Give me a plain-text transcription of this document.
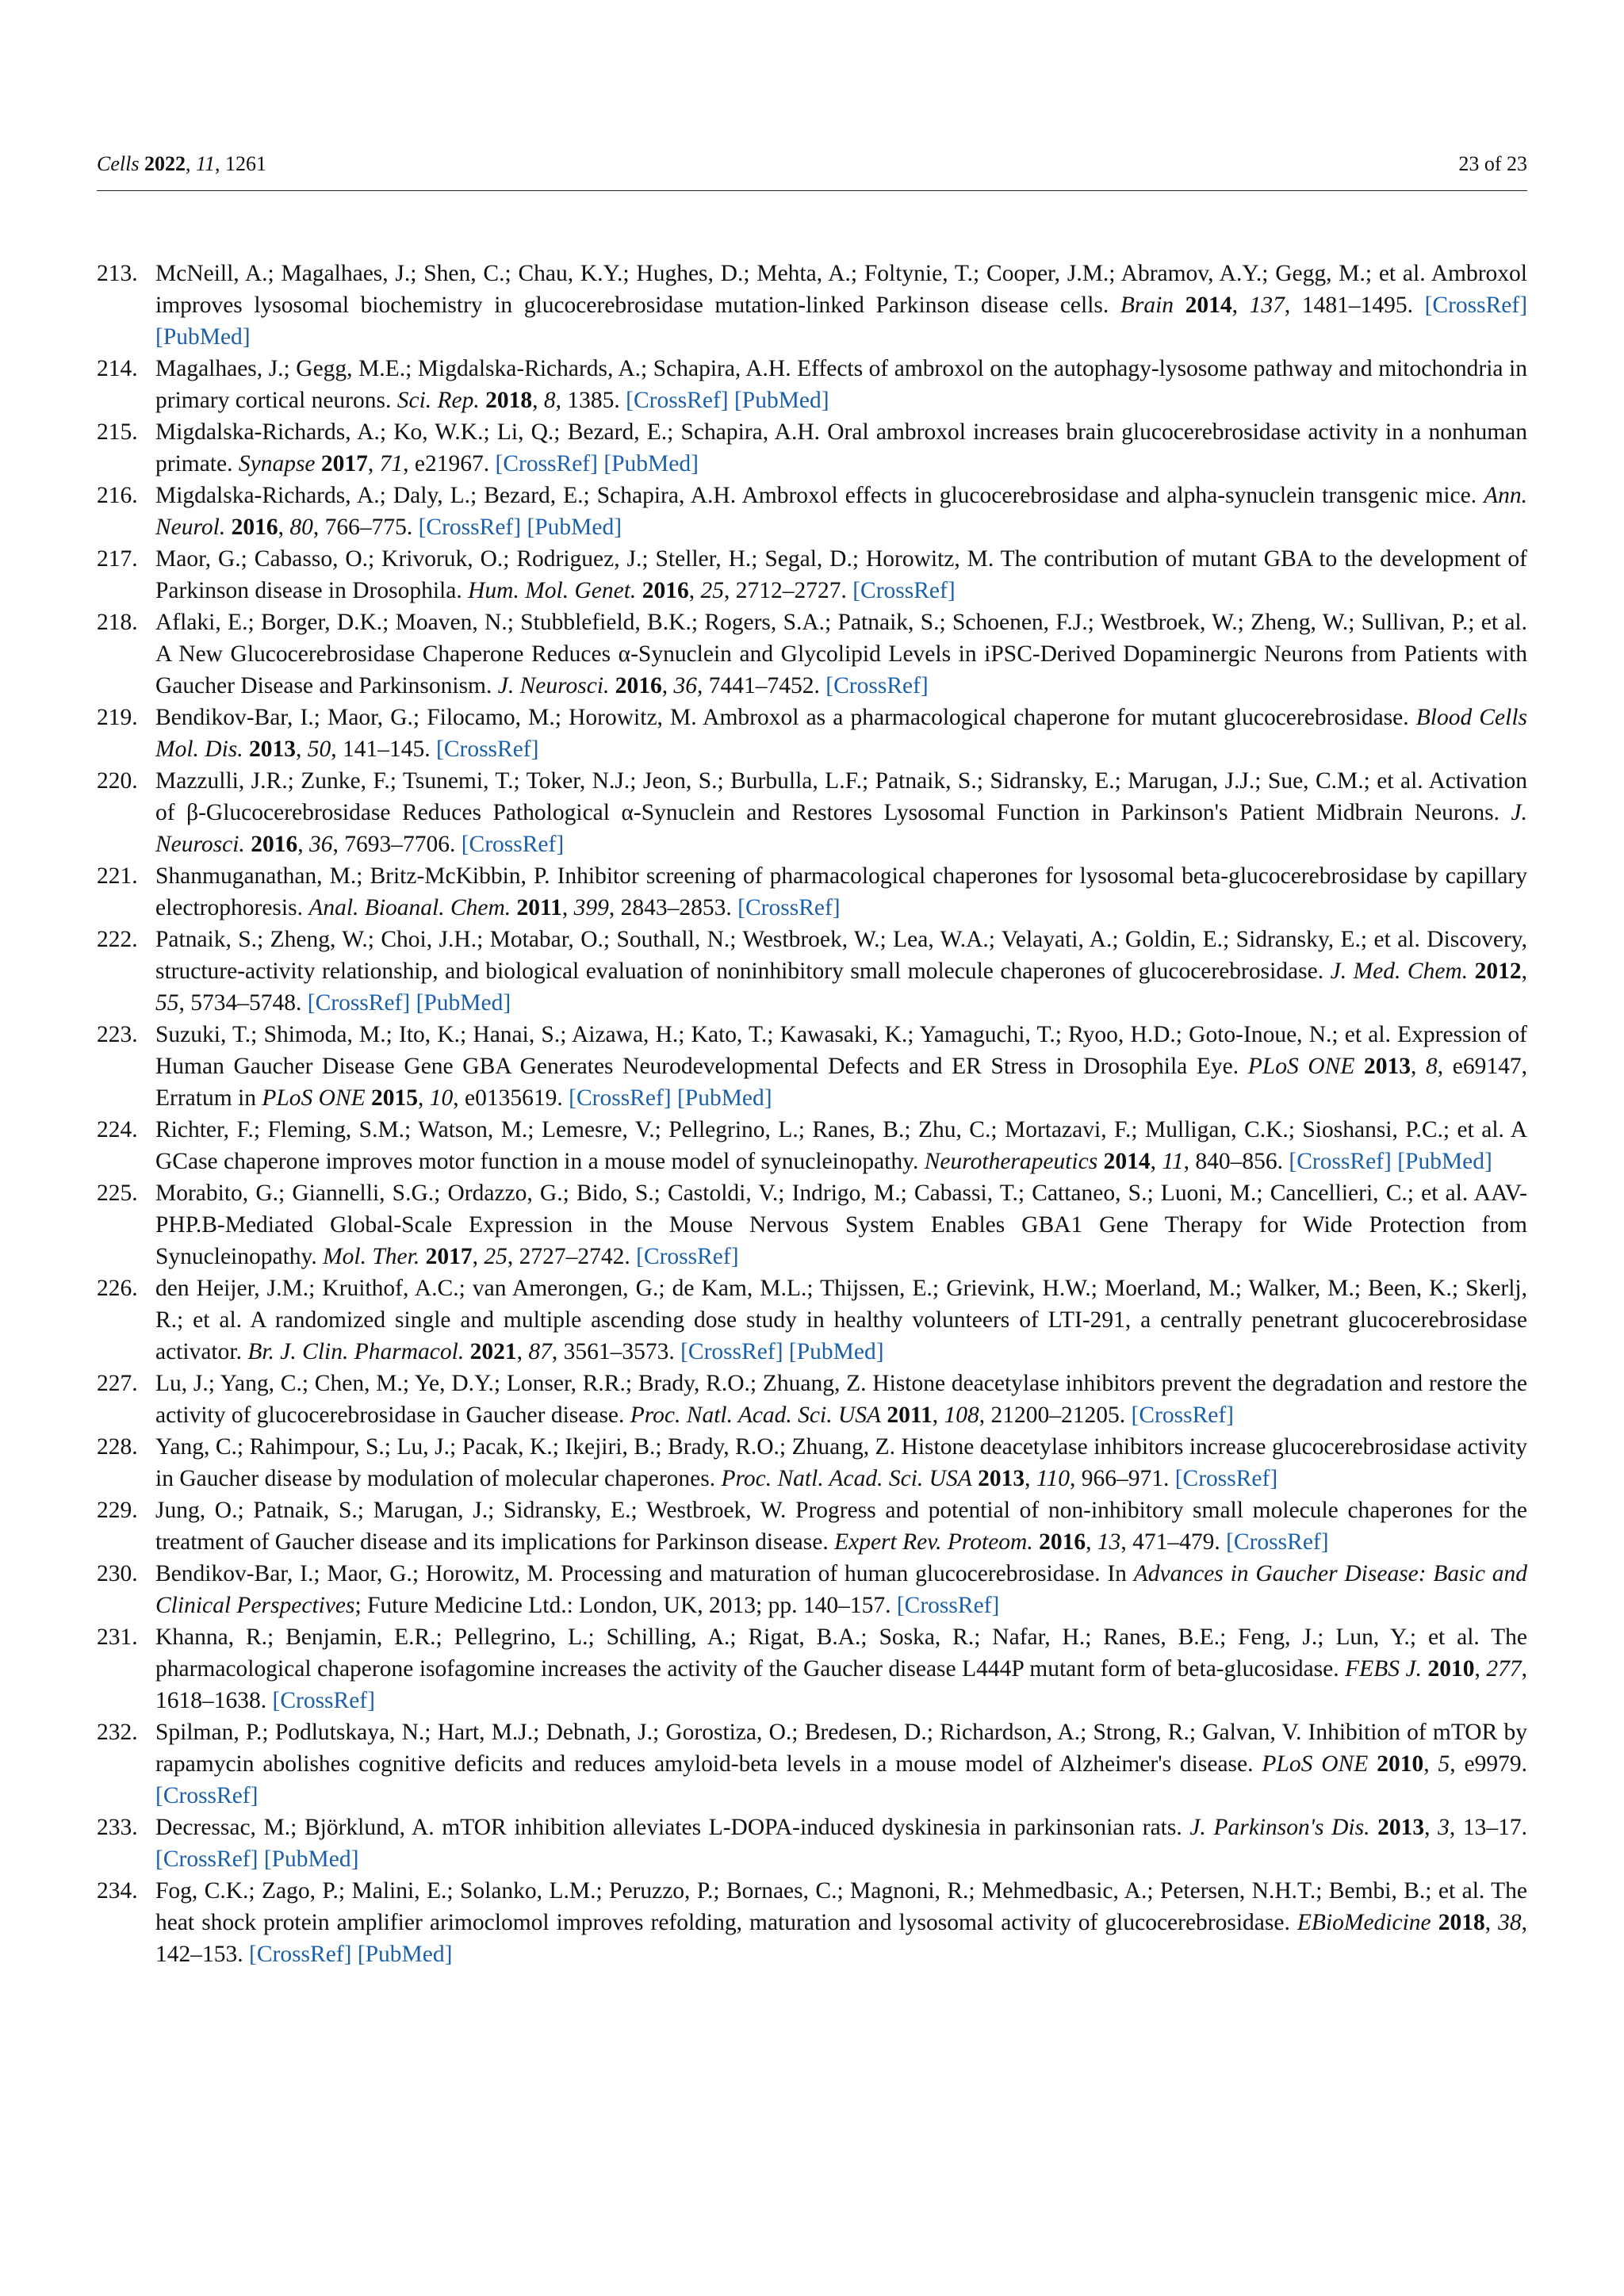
Cells 2022, 11, 1261	23 of 23
213. McNeill, A.; Magalhaes, J.; Shen, C.; Chau, K.Y.; Hughes, D.; Mehta, A.; Foltynie, T.; Cooper, J.M.; Abramov, A.Y.; Gegg, M.; et al. Ambroxol improves lysosomal biochemistry in glucocerebrosidase mutation-linked Parkinson disease cells. Brain 2014, 137, 1481–1495. [CrossRef] [PubMed]
214. Magalhaes, J.; Gegg, M.E.; Migdalska-Richards, A.; Schapira, A.H. Effects of ambroxol on the autophagy-lysosome pathway and mitochondria in primary cortical neurons. Sci. Rep. 2018, 8, 1385. [CrossRef] [PubMed]
215. Migdalska-Richards, A.; Ko, W.K.; Li, Q.; Bezard, E.; Schapira, A.H. Oral ambroxol increases brain glucocerebrosidase activity in a nonhuman primate. Synapse 2017, 71, e21967. [CrossRef] [PubMed]
216. Migdalska-Richards, A.; Daly, L.; Bezard, E.; Schapira, A.H. Ambroxol effects in glucocerebrosidase and alpha-synuclein transgenic mice. Ann. Neurol. 2016, 80, 766–775. [CrossRef] [PubMed]
217. Maor, G.; Cabasso, O.; Krivoruk, O.; Rodriguez, J.; Steller, H.; Segal, D.; Horowitz, M. The contribution of mutant GBA to the development of Parkinson disease in Drosophila. Hum. Mol. Genet. 2016, 25, 2712–2727. [CrossRef]
218. Aflaki, E.; Borger, D.K.; Moaven, N.; Stubblefield, B.K.; Rogers, S.A.; Patnaik, S.; Schoenen, F.J.; Westbroek, W.; Zheng, W.; Sullivan, P.; et al. A New Glucocerebrosidase Chaperone Reduces α-Synuclein and Glycolipid Levels in iPSC-Derived Dopaminergic Neurons from Patients with Gaucher Disease and Parkinsonism. J. Neurosci. 2016, 36, 7441–7452. [CrossRef]
219. Bendikov-Bar, I.; Maor, G.; Filocamo, M.; Horowitz, M. Ambroxol as a pharmacological chaperone for mutant glucocerebrosidase. Blood Cells Mol. Dis. 2013, 50, 141–145. [CrossRef]
220. Mazzulli, J.R.; Zunke, F.; Tsunemi, T.; Toker, N.J.; Jeon, S.; Burbulla, L.F.; Patnaik, S.; Sidransky, E.; Marugan, J.J.; Sue, C.M.; et al. Activation of β-Glucocerebrosidase Reduces Pathological α-Synuclein and Restores Lysosomal Function in Parkinson's Patient Midbrain Neurons. J. Neurosci. 2016, 36, 7693–7706. [CrossRef]
221. Shanmuganathan, M.; Britz-McKibbin, P. Inhibitor screening of pharmacological chaperones for lysosomal beta-glucocerebrosidase by capillary electrophoresis. Anal. Bioanal. Chem. 2011, 399, 2843–2853. [CrossRef]
222. Patnaik, S.; Zheng, W.; Choi, J.H.; Motabar, O.; Southall, N.; Westbroek, W.; Lea, W.A.; Velayati, A.; Goldin, E.; Sidransky, E.; et al. Discovery, structure-activity relationship, and biological evaluation of noninhibitory small molecule chaperones of glucocerebrosidase. J. Med. Chem. 2012, 55, 5734–5748. [CrossRef] [PubMed]
223. Suzuki, T.; Shimoda, M.; Ito, K.; Hanai, S.; Aizawa, H.; Kato, T.; Kawasaki, K.; Yamaguchi, T.; Ryoo, H.D.; Goto-Inoue, N.; et al. Expression of Human Gaucher Disease Gene GBA Generates Neurodevelopmental Defects and ER Stress in Drosophila Eye. PLoS ONE 2013, 8, e69147, Erratum in PLoS ONE 2015, 10, e0135619. [CrossRef] [PubMed]
224. Richter, F.; Fleming, S.M.; Watson, M.; Lemesre, V.; Pellegrino, L.; Ranes, B.; Zhu, C.; Mortazavi, F.; Mulligan, C.K.; Sioshansi, P.C.; et al. A GCase chaperone improves motor function in a mouse model of synucleinopathy. Neurotherapeutics 2014, 11, 840–856. [CrossRef] [PubMed]
225. Morabito, G.; Giannelli, S.G.; Ordazzo, G.; Bido, S.; Castoldi, V.; Indrigo, M.; Cabassi, T.; Cattaneo, S.; Luoni, M.; Cancellieri, C.; et al. AAV-PHP.B-Mediated Global-Scale Expression in the Mouse Nervous System Enables GBA1 Gene Therapy for Wide Protection from Synucleinopathy. Mol. Ther. 2017, 25, 2727–2742. [CrossRef]
226. den Heijer, J.M.; Kruithof, A.C.; van Amerongen, G.; de Kam, M.L.; Thijssen, E.; Grievink, H.W.; Moerland, M.; Walker, M.; Been, K.; Skerlj, R.; et al. A randomized single and multiple ascending dose study in healthy volunteers of LTI-291, a centrally penetrant glucocerebrosidase activator. Br. J. Clin. Pharmacol. 2021, 87, 3561–3573. [CrossRef] [PubMed]
227. Lu, J.; Yang, C.; Chen, M.; Ye, D.Y.; Lonser, R.R.; Brady, R.O.; Zhuang, Z. Histone deacetylase inhibitors prevent the degradation and restore the activity of glucocerebrosidase in Gaucher disease. Proc. Natl. Acad. Sci. USA 2011, 108, 21200–21205. [CrossRef]
228. Yang, C.; Rahimpour, S.; Lu, J.; Pacak, K.; Ikejiri, B.; Brady, R.O.; Zhuang, Z. Histone deacetylase inhibitors increase glucocerebrosidase activity in Gaucher disease by modulation of molecular chaperones. Proc. Natl. Acad. Sci. USA 2013, 110, 966–971. [CrossRef]
229. Jung, O.; Patnaik, S.; Marugan, J.; Sidransky, E.; Westbroek, W. Progress and potential of non-inhibitory small molecule chaperones for the treatment of Gaucher disease and its implications for Parkinson disease. Expert Rev. Proteom. 2016, 13, 471–479. [CrossRef]
230. Bendikov-Bar, I.; Maor, G.; Horowitz, M. Processing and maturation of human glucocerebrosidase. In Advances in Gaucher Disease: Basic and Clinical Perspectives; Future Medicine Ltd.: London, UK, 2013; pp. 140–157. [CrossRef]
231. Khanna, R.; Benjamin, E.R.; Pellegrino, L.; Schilling, A.; Rigat, B.A.; Soska, R.; Nafar, H.; Ranes, B.E.; Feng, J.; Lun, Y.; et al. The pharmacological chaperone isofagomine increases the activity of the Gaucher disease L444P mutant form of beta-glucosidase. FEBS J. 2010, 277, 1618–1638. [CrossRef]
232. Spilman, P.; Podlutskaya, N.; Hart, M.J.; Debnath, J.; Gorostiza, O.; Bredesen, D.; Richardson, A.; Strong, R.; Galvan, V. Inhibition of mTOR by rapamycin abolishes cognitive deficits and reduces amyloid-beta levels in a mouse model of Alzheimer's disease. PLoS ONE 2010, 5, e9979. [CrossRef]
233. Decressac, M.; Björklund, A. mTOR inhibition alleviates L-DOPA-induced dyskinesia in parkinsonian rats. J. Parkinson's Dis. 2013, 3, 13–17. [CrossRef] [PubMed]
234. Fog, C.K.; Zago, P.; Malini, E.; Solanko, L.M.; Peruzzo, P.; Bornaes, C.; Magnoni, R.; Mehmedbasic, A.; Petersen, N.H.T.; Bembi, B.; et al. The heat shock protein amplifier arimoclomol improves refolding, maturation and lysosomal activity of glucocerebrosidase. EBioMedicine 2018, 38, 142–153. [CrossRef] [PubMed]
